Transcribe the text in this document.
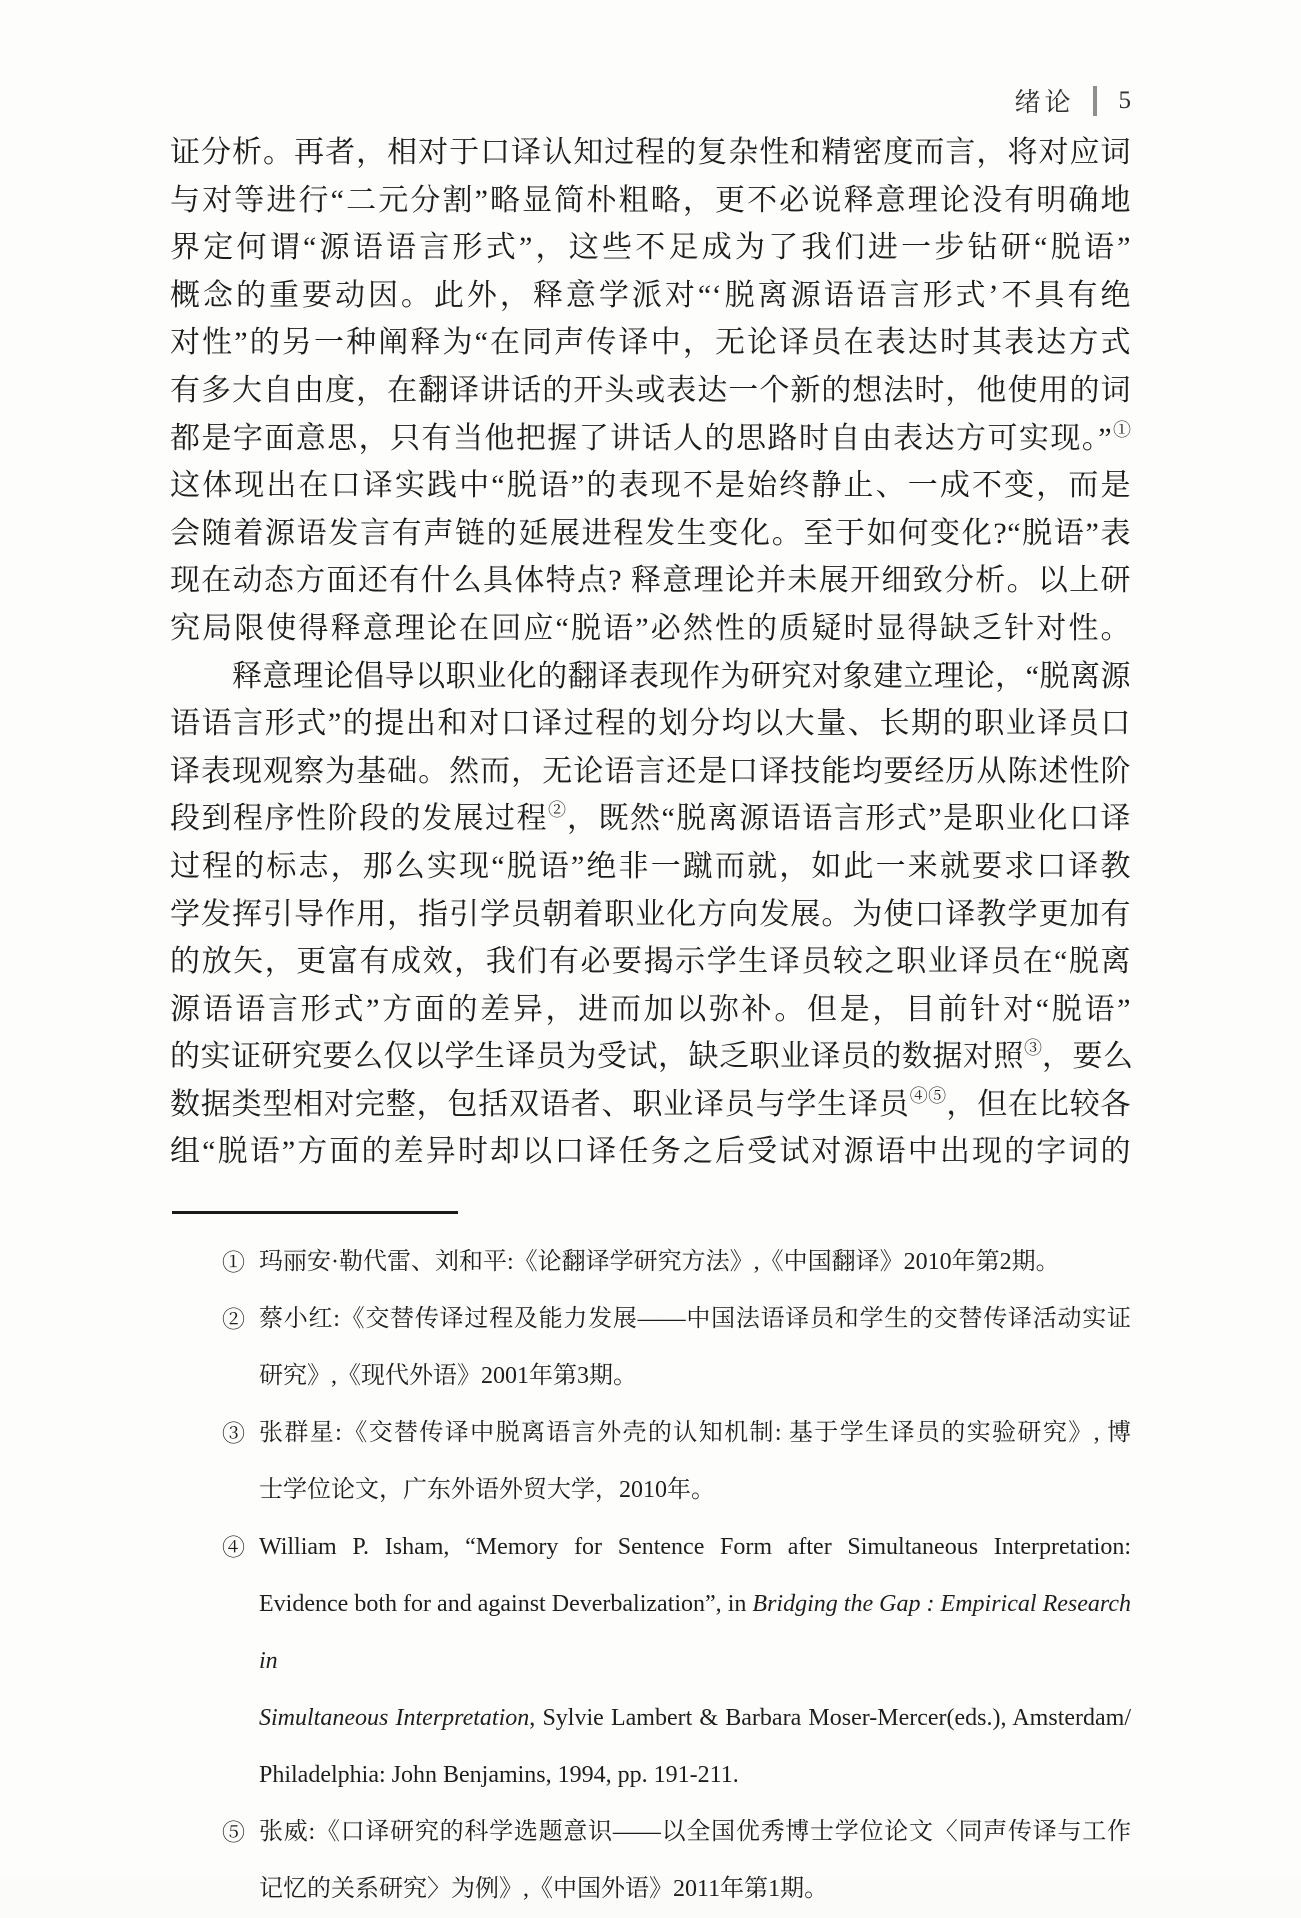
绪论 5
证分析。再者，相对于口译认知过程的复杂性和精密度而言，将对应词
与对等进行“二元分割”略显简朴粗略，更不必说释意理论没有明确地
界定何谓“源语语言形式”，这些不足成为了我们进一步钻研“脱语”
概念的重要动因。此外，释意学派对“‘脱离源语语言形式’不具有绝
对性”的另一种阐释为“在同声传译中，无论译员在表达时其表达方式
有多大自由度，在翻译讲话的开头或表达一个新的想法时，他使用的词
都是字面意思，只有当他把握了讲话人的思路时自由表达方可实现。”①
这体现出在口译实践中“脱语”的表现不是始终静止、一成不变，而是
会随着源语发言有声链的延展进程发生变化。至于如何变化?“脱语”表
现在动态方面还有什么具体特点? 释意理论并未展开细致分析。以上研
究局限使得释意理论在回应“脱语”必然性的质疑时显得缺乏针对性。
释意理论倡导以职业化的翻译表现作为研究对象建立理论，“脱离源
语语言形式”的提出和对口译过程的划分均以大量、长期的职业译员口
译表现观察为基础。然而，无论语言还是口译技能均要经历从陈述性阶
段到程序性阶段的发展过程②，既然“脱离源语语言形式”是职业化口译
过程的标志，那么实现“脱语”绝非一蹴而就，如此一来就要求口译教
学发挥引导作用，指引学员朝着职业化方向发展。为使口译教学更加有
的放矢，更富有成效，我们有必要揭示学生译员较之职业译员在“脱离
源语语言形式”方面的差异，进而加以弥补。但是，目前针对“脱语”
的实证研究要么仅以学生译员为受试，缺乏职业译员的数据对照③，要么
数据类型相对完整，包括双语者、职业译员与学生译员④⑤，但在比较各
组“脱语”方面的差异时却以口译任务之后受试对源语中出现的字词的
① 玛丽安·勒代雷、刘和平:《论翻译学研究方法》,《中国翻译》2010年第2期。
② 蔡小红:《交替传译过程及能力发展——中国法语译员和学生的交替传译活动实证
研究》,《现代外语》2001年第3期。
③ 张群星:《交替传译中脱离语言外壳的认知机制: 基于学生译员的实验研究》, 博
士学位论文，广东外语外贸大学，2010年。
④ William P. Isham, “Memory for Sentence Form after Simultaneous Interpretation:
Evidence both for and against Deverbalization”, in Bridging the Gap : Empirical Research in
Simultaneous Interpretation, Sylvie Lambert & Barbara Moser-Mercer(eds.), Amsterdam/
Philadelphia: John Benjamins, 1994, pp. 191-211.
⑤ 张威:《口译研究的科学选题意识——以全国优秀博士学位论文〈同声传译与工作
记忆的关系研究〉为例》,《中国外语》2011年第1期。
